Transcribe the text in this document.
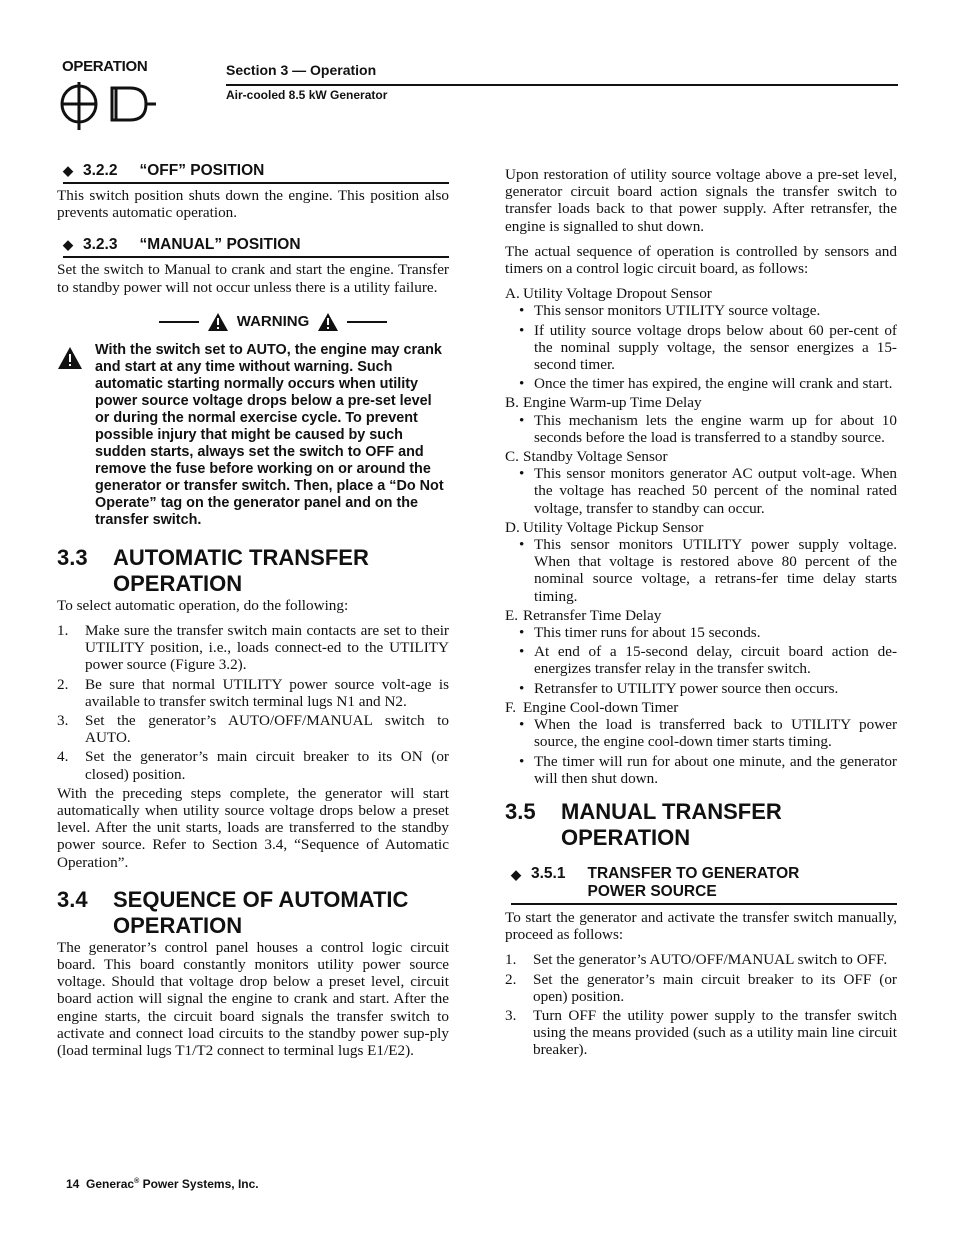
OPERATION	Section 3 — Operation
Air-cooled 8.5 kW Generator
◆ 3.2.2 “OFF” POSITION

This switch position shuts down the engine. This position also prevents automatic operation.

◆ 3.2.3 “MANUAL” POSITION

Set the switch to Manual to crank and start the engine. Transfer to standby power will not occur unless there is a utility failure.

WARNING
With the switch set to AUTO, the engine may crank and start at any time without warning. Such automatic starting normally occurs when utility power source voltage drops below a pre-set level or during the normal exercise cycle. To prevent possible injury that might be caused by such sudden starts, always set the switch to OFF and remove the fuse before working on or around the generator or transfer switch. Then, place a “Do Not Operate” tag on the generator panel and on the transfer switch.
3.3	AUTOMATIC TRANSFER
OPERATION

To select automatic operation, do the following:

1.	Make sure the transfer switch main contacts are set to their UTILITY position, i.e., loads connect-ed to the UTILITY power source (Figure 3.2).
2.	Be sure that normal UTILITY power source volt-age is available to transfer switch terminal lugs N1 and N2.
3.	Set the generator’s AUTO/OFF/MANUAL switch to AUTO.
4.	Set the generator’s main circuit breaker to its ON (or closed) position.

With the preceding steps complete, the generator will start automatically when utility source voltage drops below a preset level. After the unit starts, loads are transferred to the standby power source. Refer to Section 3.4, “Sequence of Automatic Operation”.

3.4	SEQUENCE OF AUTOMATIC
OPERATION

The generator’s control panel houses a control logic circuit board. This board constantly monitors utility power source voltage. Should that voltage drop below a preset level, circuit board action will signal the engine to crank and start. After the engine starts, the circuit board signals the transfer switch to activate and connect load circuits to the standby power sup-ply (load terminal lugs T1/T2 connect to terminal lugs E1/E2).

Upon restoration of utility source voltage above a pre-set level, generator circuit board action signals the transfer switch to transfer loads back to that power supply. After retransfer, the engine is signalled to shut down.

The actual sequence of operation is controlled by sensors and timers on a control logic circuit board, as follows:

A. Utility Voltage Dropout Sensor
• This sensor monitors UTILITY source voltage.
• If utility source voltage drops below about 60 per-cent of the nominal supply voltage, the sensor energizes a 15-second timer.
• Once the timer has expired, the engine will crank and start.
B. Engine Warm-up Time Delay
• This mechanism lets the engine warm up for about 10 seconds before the load is transferred to a standby source.
C. Standby Voltage Sensor
• This sensor monitors generator AC output volt-age. When the voltage has reached 50 percent of the nominal rated voltage, transfer to standby can occur.
D. Utility Voltage Pickup Sensor
• This sensor monitors UTILITY power supply voltage. When that voltage is restored above 80 percent of the nominal source voltage, a retrans-fer time delay starts timing.
E. Retransfer Time Delay
• This timer runs for about 15 seconds.
• At end of a 15-second delay, circuit board action de-energizes transfer relay in the transfer switch.
• Retransfer to UTILITY power source then occurs.
F. Engine Cool-down Timer
• When the load is transferred back to UTILITY power source, the engine cool-down timer starts timing.
• The timer will run for about one minute, and the generator will then shut down.
3.5	MANUAL TRANSFER OPERATION
◆ 3.5.1 TRANSFER TO GENERATOR
POWER SOURCE

To start the generator and activate the transfer switch manually, proceed as follows:

1.	Set the generator’s AUTO/OFF/MANUAL switch to OFF.
2.	Set the generator’s main circuit breaker to its OFF (or open) position.
3.	Turn OFF the utility power supply to the transfer switch using the means provided (such as a utility main line circuit breaker).
14 Generac® Power Systems, Inc.
